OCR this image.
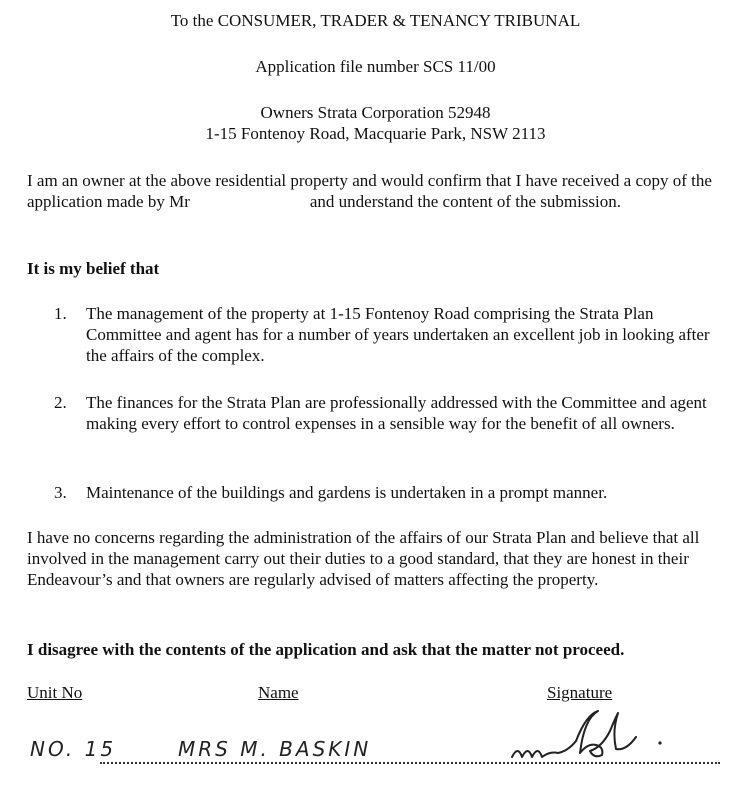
To the CONSUMER, TRADER & TENANCY TRIBUNAL
Application file number SCS 11/00
Owners Strata Corporation 52948
1-15 Fontenoy Road, Macquarie Park, NSW 2113
I am an owner at the above residential property and would confirm that I have received a copy of the application made by Mr	and understand the content of the submission.
It is my belief that
1. The management of the property at 1-15 Fontenoy Road comprising the Strata Plan Committee and agent has for a number of years undertaken an excellent job in looking after the affairs of the complex.
2. The finances for the Strata Plan are professionally addressed with the Committee and agent making every effort to control expenses in a sensible way for the benefit of all owners.
3. Maintenance of the buildings and gardens is undertaken in a prompt manner.
I have no concerns regarding the administration of the affairs of our Strata Plan and believe that all involved in the management carry out their duties to a good standard, that they are honest in their Endeavour’s and that owners are regularly advised of matters affecting the property.
I disagree with the contents of the application and ask that the matter not proceed.
Unit No	Name	Signature
NO. 15	MRS M. BASKIN
